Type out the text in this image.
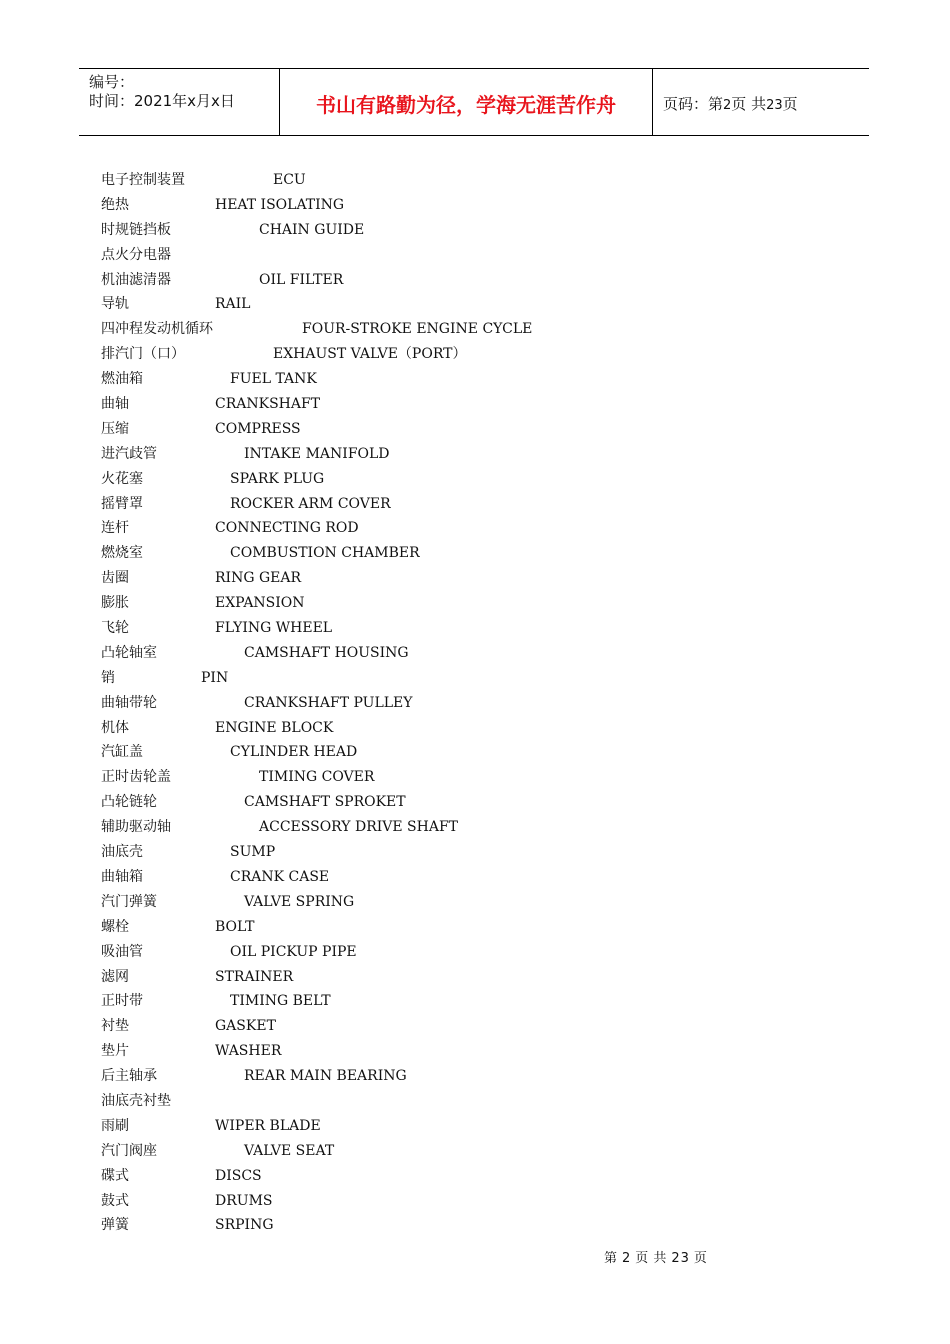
编号：
时间：2021年x月x日	书山有路勤为径，学海无涯苦作舟	页码：第2页 共23页
电子控制装置	ECU
绝热	HEAT ISOLATING
时规链挡板	CHAIN GUIDE
点火分电器
机油滤清器	OIL FILTER
导轨	RAIL
四冲程发动机循环	FOUR-STROKE ENGINE CYCLE
排汽门（口）	EXHAUST VALVE（PORT）
燃油箱	FUEL TANK
曲轴	CRANKSHAFT
压缩	COMPRESS
进汽歧管	INTAKE MANIFOLD
火花塞	SPARK PLUG
摇臂罩	ROCKER ARM COVER
连杆	CONNECTING ROD
燃烧室	COMBUSTION CHAMBER
齿圈	RING GEAR
膨胀	EXPANSION
飞轮	FLYING WHEEL
凸轮轴室	CAMSHAFT HOUSING
销	PIN
曲轴带轮	CRANKSHAFT PULLEY
机体	ENGINE BLOCK
汽缸盖	CYLINDER HEAD
正时齿轮盖	TIMING COVER
凸轮链轮	CAMSHAFT SPROKET
辅助驱动轴	ACCESSORY DRIVE SHAFT
油底壳	SUMP
曲轴箱	CRANK CASE
汽门弹簧	VALVE SPRING
螺栓	BOLT
吸油管	OIL PICKUP PIPE
滤网	STRAINER
正时带	TIMING BELT
衬垫	GASKET
垫片	WASHER
后主轴承	REAR MAIN BEARING
油底壳衬垫
雨刷	WIPER BLADE
汽门阀座	VALVE SEAT
碟式	DISCS
鼓式	DRUMS
弹簧	SRPING
第 2 页 共 23 页
